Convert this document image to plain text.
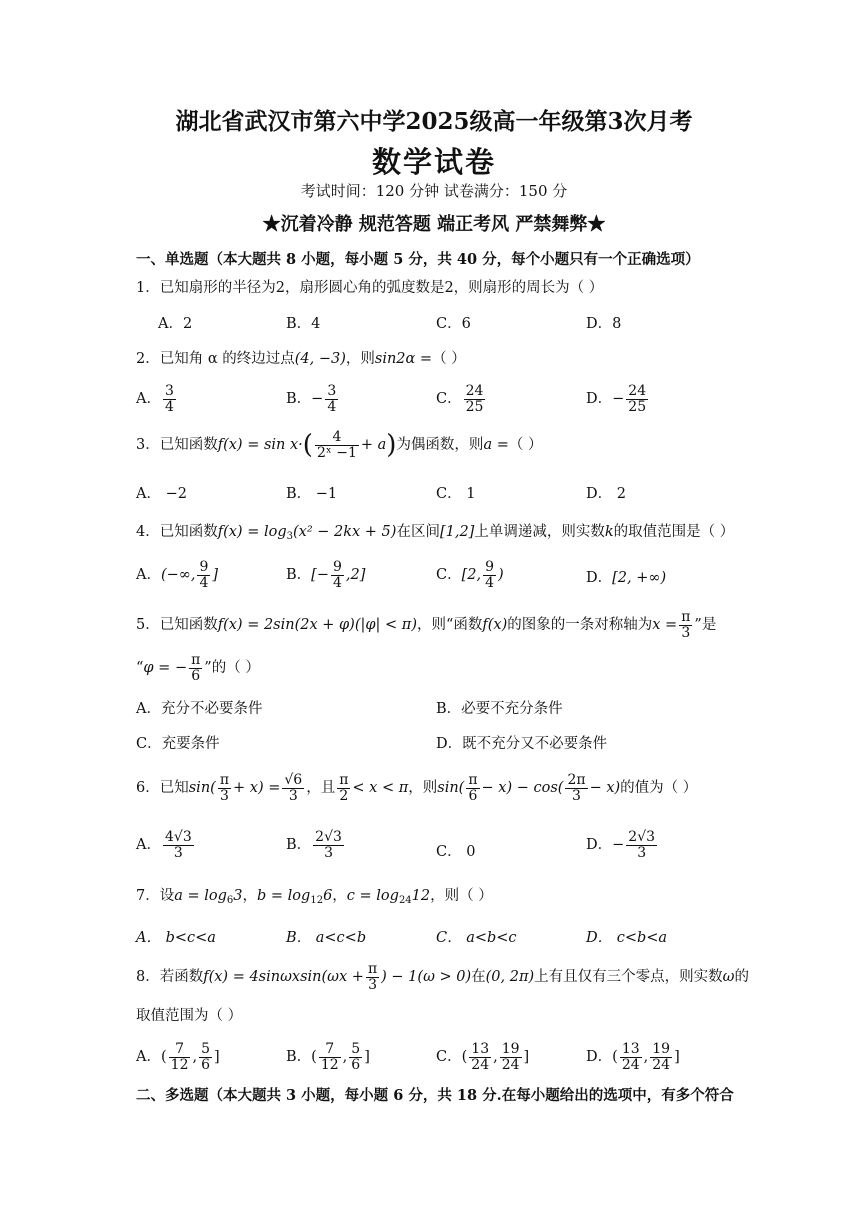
湖北省武汉市第六中学2025级高一年级第3次月考
数学试卷
考试时间：120 分钟 试卷满分：150 分
★沉着冷静 规范答题 端正考风 严禁舞弊★
一、单选题（本大题共 8 小题，每小题 5 分，共 40 分，每个小题只有一个正确选项）
1．已知扇形的半径为2，扇形圆心角的弧度数是2，则扇形的周长为（ ）
A．2	B．4	C．6	D．8
2．已知角 α 的终边过点(4, −3)，则sin2α =（ ）
A． $\frac{3}{4}$	B．− $\frac{3}{4}$	C． $\frac{24}{25}$	D．− $\frac{24}{25}$
3．已知函数$f(x) = \sin x\cdot( \frac{4}{\text{2ˣ −1}} + a)$为偶函数，则a =（ ）
A． −2	B． −1	C． 1	D． 2
4．已知函数$f(x) = \log_3(x^2 - 2kx + 5)$在区间[1,2]上单调递减，则实数k的取值范围是（ ）
A．(−∞, $\frac{9}{4}$ ]	B．[− $\frac{9}{4} ,2$]	C．[2, $\frac{9}{4}$ )	D．[2, +∞)
5．已知函数f(x) = 2sin(2x + φ)(|φ| < π)，则“函数f(x)的图象的一条对称轴为$x = \frac{\pi}{3}$ ”是
“φ = − $\frac{\pi}{6}$ ”的（ ）
A．充分不必要条件	B．必要不充分条件
C．充要条件	D．既不充分又不必要条件
6．已知$\sin( \frac{\pi}{3} + x) = \frac{√6}{3}$ ，且 $\frac{\pi}{2} < x < \pi$，则$\sin( \frac{\pi}{6} - x) - \cos( \frac{2\pi}{3} - x)$的值为（ ）
A． $\frac{4√3}{3}$	B． $\frac{2√3}{3}$	C． 0	D．− $\frac{2√3}{3}$
7．设$a = \log_63$，$b = \log_{12}6$，$c = \log_{24}12$，则（ ）
A． b<c<a	B． a<c<b	C． a<b<c	D． c<b<a
8．若函数$f(x) = 4\sin\omega xsin(\omega x + \frac{\pi}{3}$ ) − 1(ω > 0)在(0, 2π)上有且仅有三个零点，则实数ω的
取值范围为（ ）
A．( $\frac{7}{12}$ , $\frac{5}{6}$ ]	B．( $\frac{7}{12}$ , $\frac{5}{6}$ ]	C．( $\frac{13}{24}$ , $\frac{19}{24}$ ]	D．( $\frac{13}{24}$ , $\frac{19}{24}$ ]
二、多选题（本大题共 3 小题，每小题 6 分，共 18 分.在每小题给出的选项中，有多个符合
